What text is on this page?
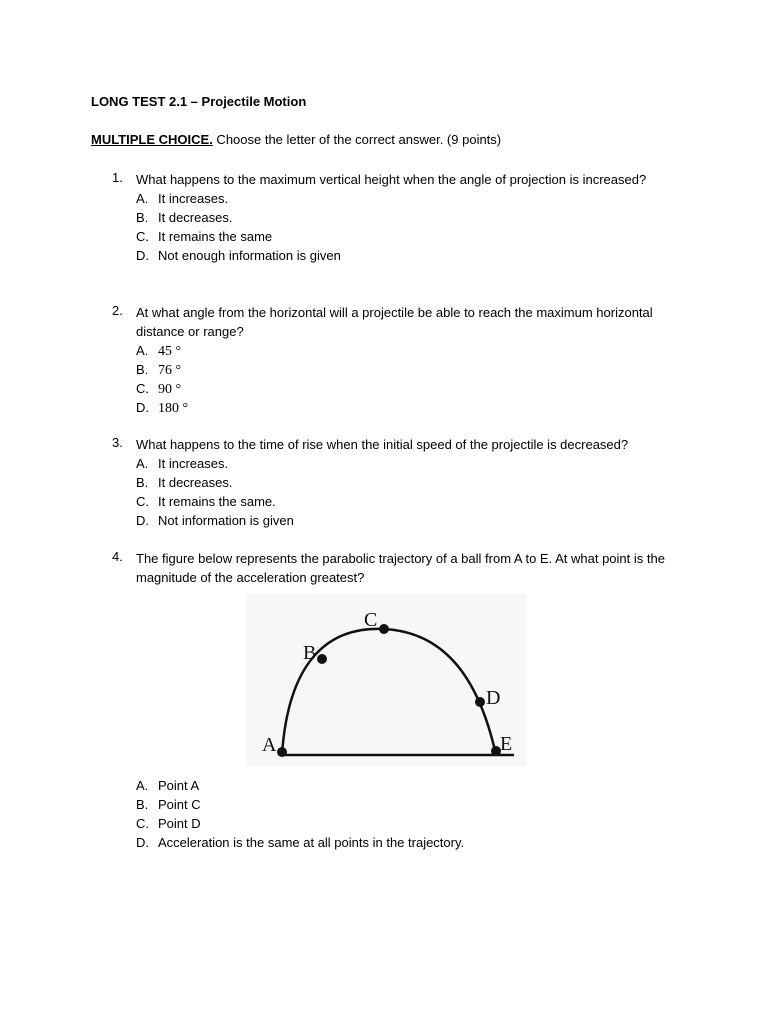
LONG TEST 2.1 – Projectile Motion
MULTIPLE CHOICE. Choose the letter of the correct answer. (9 points)
1.	What happens to the maximum vertical height when the angle of projection is increased?
A. It increases.
B. It decreases.
C. It remains the same
D. Not enough information is given
2.	At what angle from the horizontal will a projectile be able to reach the maximum horizontal distance or range?
A. 45 °
B. 76 °
C. 90 °
D. 180 °
3.	What happens to the time of rise when the initial speed of the projectile is decreased?
A. It increases.
B. It decreases.
C. It remains the same.
D. Not information is given
4.	The figure below represents the parabolic trajectory of a ball from A to E. At what point is the magnitude of the acceleration greatest?
A
B
C
D
E
A. Point A
B. Point C
C. Point D
D. Acceleration is the same at all points in the trajectory.
